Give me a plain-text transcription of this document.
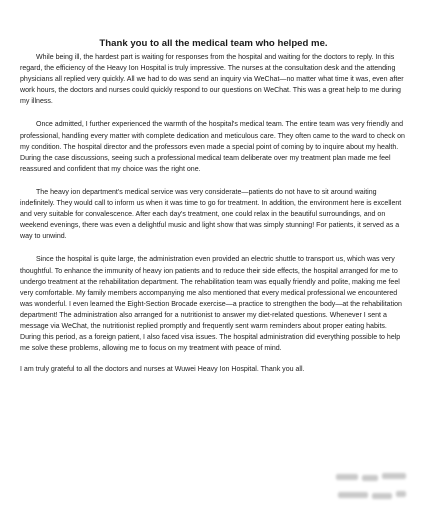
Thank you to all the medical team who helped me.

While being ill, the hardest part is waiting for responses from the hospital and waiting for the doctors to reply. In this regard, the efficiency of the Heavy Ion Hospital is truly impressive. The nurses at the consultation desk and the attending physicians all replied very quickly. All we had to do was send an inquiry via WeChat—no matter what time it was, even after work hours, the doctors and nurses could quickly respond to our questions on WeChat. This was a great help to me during my illness.

Once admitted, I further experienced the warmth of the hospital's medical team. The entire team was very friendly and professional, handling every matter with complete dedication and meticulous care. They often came to the ward to check on my condition. The hospital director and the professors even made a special point of coming by to inquire about my health. During the case discussions, seeing such a professional medical team deliberate over my treatment plan made me feel reassured and confident that my choice was the right one.

The heavy ion department's medical service was very considerate—patients do not have to sit around waiting indefinitely. They would call to inform us when it was time to go for treatment. In addition, the environment here is excellent and very suitable for convalescence. After each day's treatment, one could relax in the beautiful surroundings, and on weekend evenings, there was even a delightful music and light show that was simply stunning! For patients, it served as a way to unwind.

Since the hospital is quite large, the administration even provided an electric shuttle to transport us, which was very thoughtful. To enhance the immunity of heavy ion patients and to reduce their side effects, the hospital arranged for me to undergo treatment at the rehabilitation department. The rehabilitation team was equally friendly and polite, making me feel very comfortable. My family members accompanying me also mentioned that every medical professional we encountered was wonderful. I even learned the Eight-Section Brocade exercise—a practice to strengthen the body—at the rehabilitation department! The administration also arranged for a nutritionist to answer my diet-related questions. Whenever I sent a message via WeChat, the nutritionist replied promptly and frequently sent warm reminders about proper eating habits. During this period, as a foreign patient, I also faced visa issues. The hospital administration did everything possible to help me solve these problems, allowing me to focus on my treatment with peace of mind.

I am truly grateful to all the doctors and nurses at Wuwei Heavy Ion Hospital. Thank you all.
